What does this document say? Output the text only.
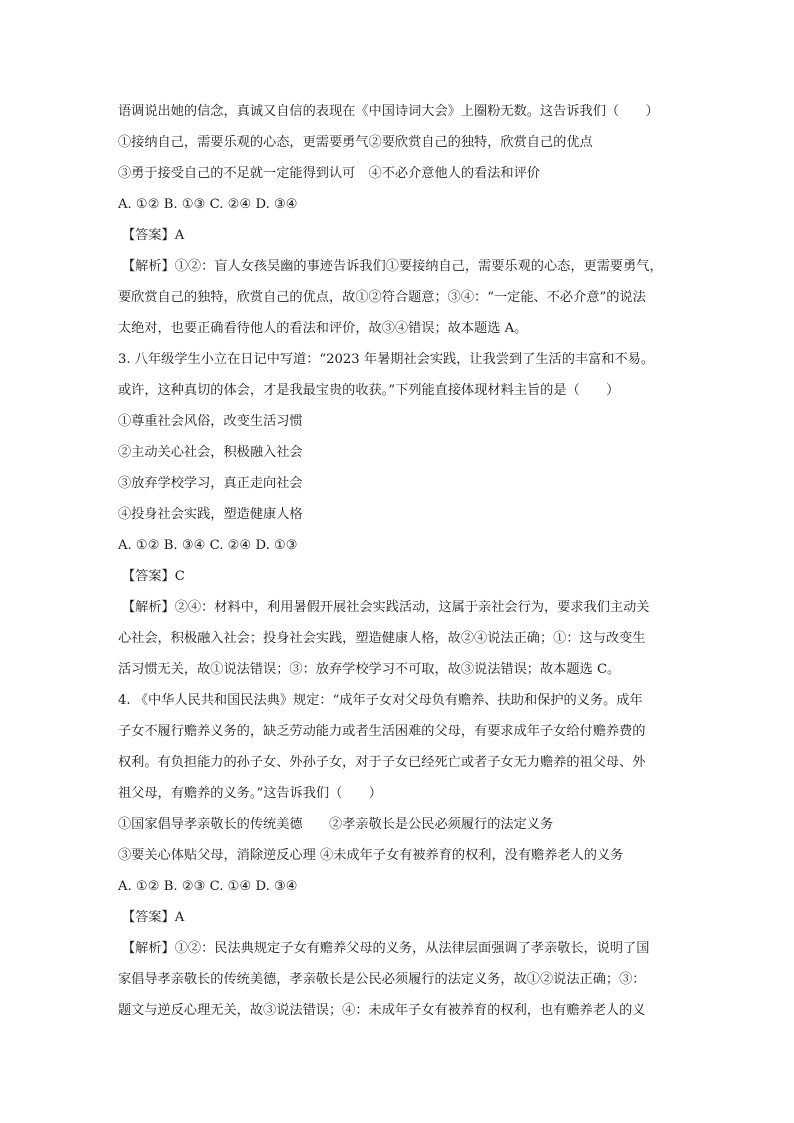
语调说出她的信念，真诚又自信的表现在《中国诗词大会》上圈粉无数。这告诉我们（　　）
①接纳自己，需要乐观的心态，更需要勇气②要欣赏自己的独特，欣赏自己的优点
③勇于接受自己的不足就一定能得到认可　④不必介意他人的看法和评价
A. ①② B. ①③ C. ②④ D. ③④
【答案】A
【解析】①②：盲人女孩吴幽的事迹告诉我们①要接纳自己，需要乐观的心态，更需要勇气，
要欣赏自己的独特，欣赏自己的优点，故①②符合题意；③④：“一定能、不必介意”的说法
太绝对，也要正确看待他人的看法和评价，故③④错误；故本题选 A。
3. 八年级学生小立在日记中写道：“2023 年暑期社会实践，让我尝到了生活的丰富和不易。
或许，这种真切的体会，才是我最宝贵的收获。”下列能直接体现材料主旨的是（　　）
①尊重社会风俗，改变生活习惯
②主动关心社会，积极融入社会
③放弃学校学习，真正走向社会
④投身社会实践，塑造健康人格
A. ①② B. ③④ C. ②④ D. ①③
【答案】C
【解析】②④：材料中，利用暑假开展社会实践活动，这属于亲社会行为，要求我们主动关
心社会，积极融入社会；投身社会实践，塑造健康人格，故②④说法正确；①：这与改变生
活习惯无关，故①说法错误；③：放弃学校学习不可取，故③说法错误；故本题选 C。
4. 《中华人民共和国民法典》规定：“成年子女对父母负有赡养、扶助和保护的义务。成年
子女不履行赡养义务的，缺乏劳动能力或者生活困难的父母，有要求成年子女给付赡养费的
权利。有负担能力的孙子女、外孙子女，对于子女已经死亡或者子女无力赡养的祖父母、外
祖父母，有赡养的义务。”这告诉我们（　　）
①国家倡导孝亲敬长的传统美德　　②孝亲敬长是公民必须履行的法定义务
③要关心体贴父母，消除逆反心理 ④未成年子女有被养育的权利，没有赡养老人的义务
A. ①② B. ②③ C. ①④ D. ③④
【答案】A
【解析】①②：民法典规定子女有赡养父母的义务，从法律层面强调了孝亲敬长，说明了国
家倡导孝亲敬长的传统美德，孝亲敬长是公民必须履行的法定义务，故①②说法正确；③：
题文与逆反心理无关，故③说法错误；④：未成年子女有被养育的权利，也有赡养老人的义
